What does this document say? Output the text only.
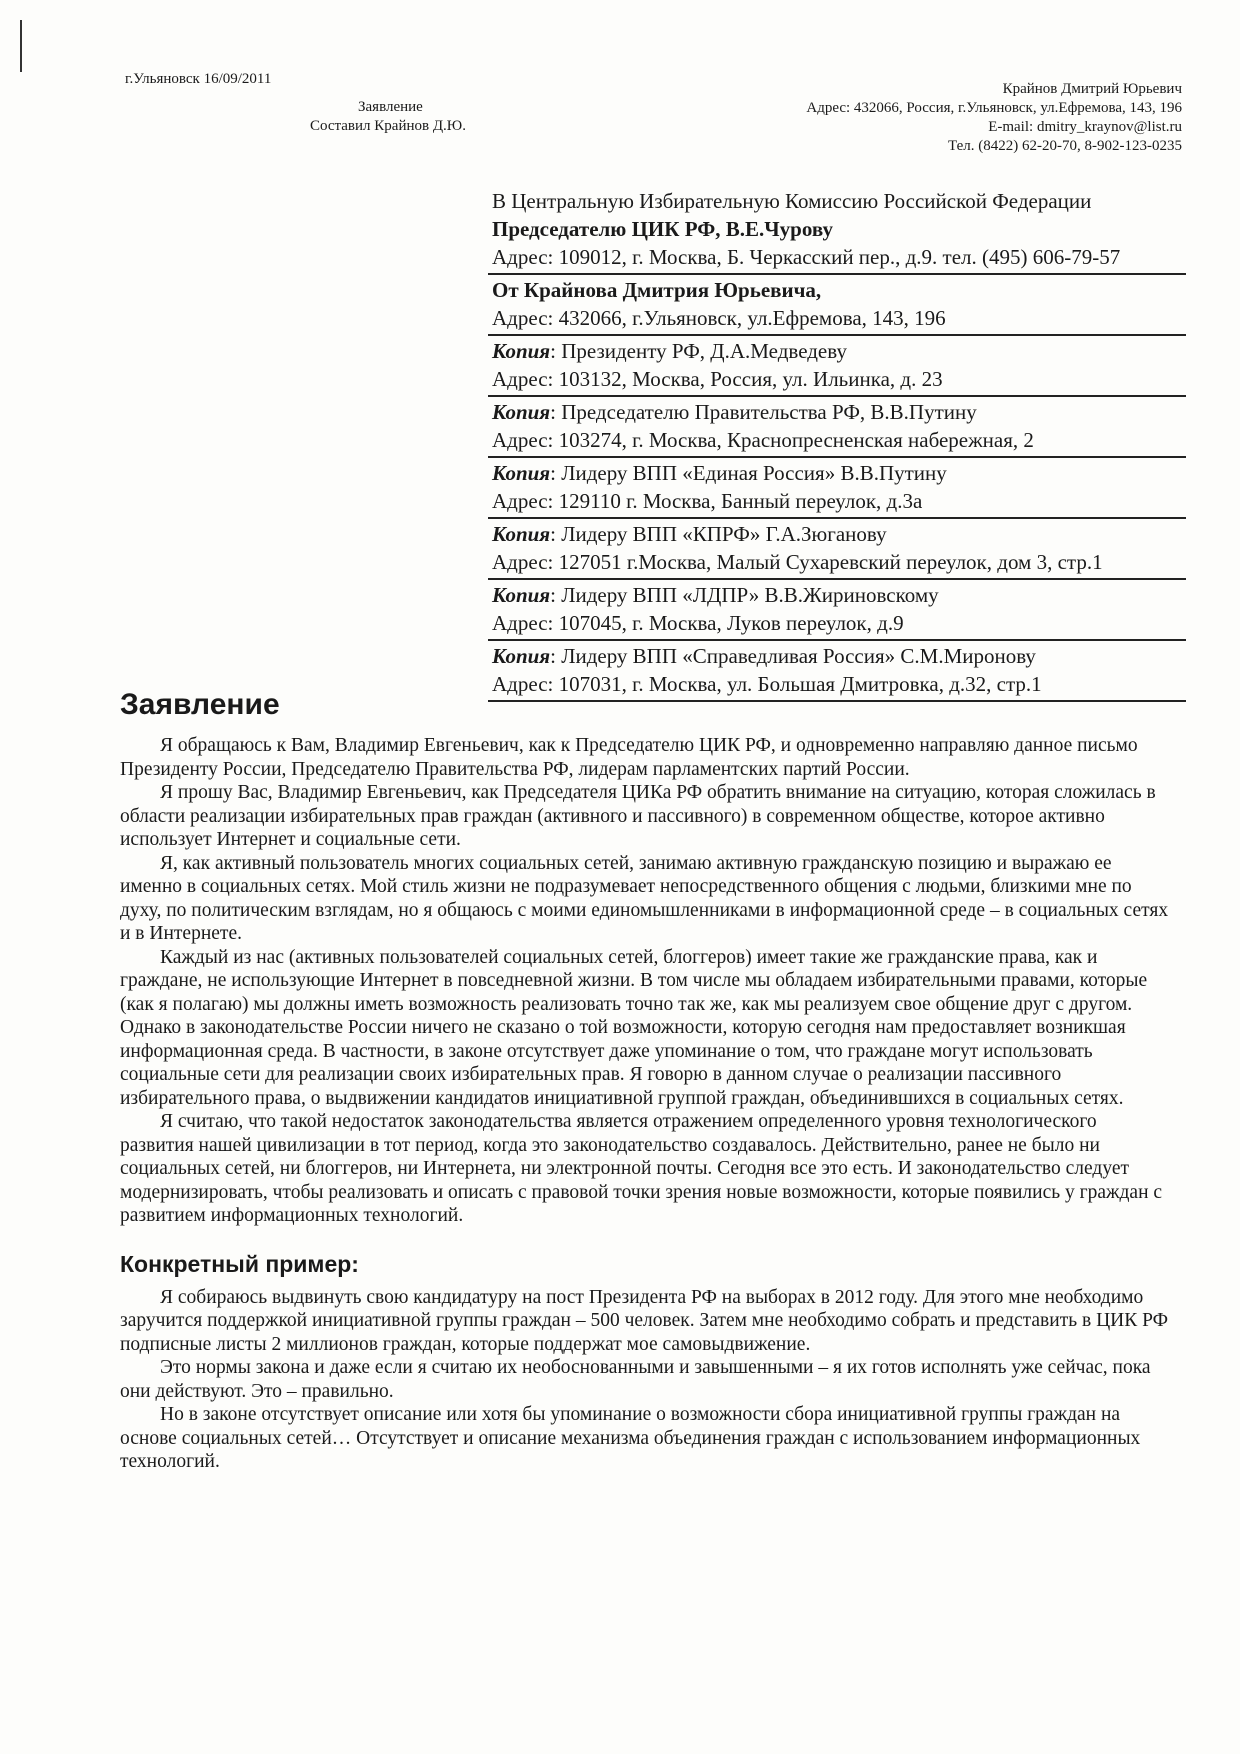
г.Ульяновск 16/09/2011
Заявление
Составил Крайнов Д.Ю.
Крайнов Дмитрий Юрьевич
Адрес: 432066, Россия, г.Ульяновск, ул.Ефремова, 143, 196
E-mail: dmitry_kraynov@list.ru
Тел. (8422) 62-20-70, 8-902-123-0235
В Центральную Избирательную Комиссию Российской Федерации
Председателю ЦИК РФ, В.Е.Чурову
Адрес: 109012, г. Москва, Б. Черкасский пер., д.9. тел. (495) 606-79-57
От Крайнова Дмитрия Юрьевича,
Адрес: 432066, г.Ульяновск, ул.Ефремова, 143, 196
Копия: Президенту РФ, Д.А.Медведеву
Адрес: 103132, Москва, Россия, ул. Ильинка, д. 23
Копия: Председателю Правительства РФ, В.В.Путину
Адрес: 103274, г. Москва, Краснопресненская набережная, 2
Копия: Лидеру ВПП «Единая Россия» В.В.Путину
Адрес: 129110 г. Москва, Банный переулок, д.3а
Копия: Лидеру ВПП «КПРФ» Г.А.Зюганову
Адрес: 127051 г.Москва, Малый Сухаревский переулок, дом 3, стр.1
Копия: Лидеру ВПП «ЛДПР» В.В.Жириновскому
Адрес: 107045, г. Москва, Луков переулок, д.9
Копия: Лидеру ВПП «Справедливая Россия» С.М.Миронову
Адрес: 107031, г. Москва, ул. Большая Дмитровка, д.32, стр.1
Заявление

Я обращаюсь к Вам, Владимир Евгеньевич, как к Председателю ЦИК РФ, и одновременно направляю данное письмо Президенту России, Председателю Правительства РФ, лидерам парламентских партий России.

Я прошу Вас, Владимир Евгеньевич, как Председателя ЦИКа РФ обратить внимание на ситуацию, которая сложилась в области реализации избирательных прав граждан (активного и пассивного) в современном обществе, которое активно использует Интернет и социальные сети.

Я, как активный пользователь многих социальных сетей, занимаю активную гражданскую позицию и выражаю ее именно в социальных сетях. Мой стиль жизни не подразумевает непосредственного общения с людьми, близкими мне по духу, по политическим взглядам, но я общаюсь с моими единомышленниками в информационной среде – в социальных сетях и в Интернете.

Каждый из нас (активных пользователей социальных сетей, блоггеров) имеет такие же гражданские права, как и граждане, не использующие Интернет в повседневной жизни. В том числе мы обладаем избирательными правами, которые (как я полагаю) мы должны иметь возможность реализовать точно так же, как мы реализуем свое общение друг с другом. Однако в законодательстве России ничего не сказано о той возможности, которую сегодня нам предоставляет возникшая информационная среда. В частности, в законе отсутствует даже упоминание о том, что граждане могут использовать социальные сети для реализации своих избирательных прав. Я говорю в данном случае о реализации пассивного избирательного права, о выдвижении кандидатов инициативной группой граждан, объединившихся в социальных сетях.

Я считаю, что такой недостаток законодательства является отражением определенного уровня технологического развития нашей цивилизации в тот период, когда это законодательство создавалось. Действительно, ранее не было ни социальных сетей, ни блоггеров, ни Интернета, ни электронной почты. Сегодня все это есть. И законодательство следует модернизировать, чтобы реализовать и описать с правовой точки зрения новые возможности, которые появились у граждан с развитием информационных технологий.

Конкретный пример:

Я собираюсь выдвинуть свою кандидатуру на пост Президента РФ на выборах в 2012 году. Для этого мне необходимо заручится поддержкой инициативной группы граждан – 500 человек. Затем мне необходимо собрать и представить в ЦИК РФ подписные листы 2 миллионов граждан, которые поддержат мое самовыдвижение.

Это нормы закона и даже если я считаю их необоснованными и завышенными – я их готов исполнять уже сейчас, пока они действуют. Это – правильно.

Но в законе отсутствует описание или хотя бы упоминание о возможности сбора инициативной группы граждан на основе социальных сетей… Отсутствует и описание механизма объединения граждан с использованием информационных технологий.
